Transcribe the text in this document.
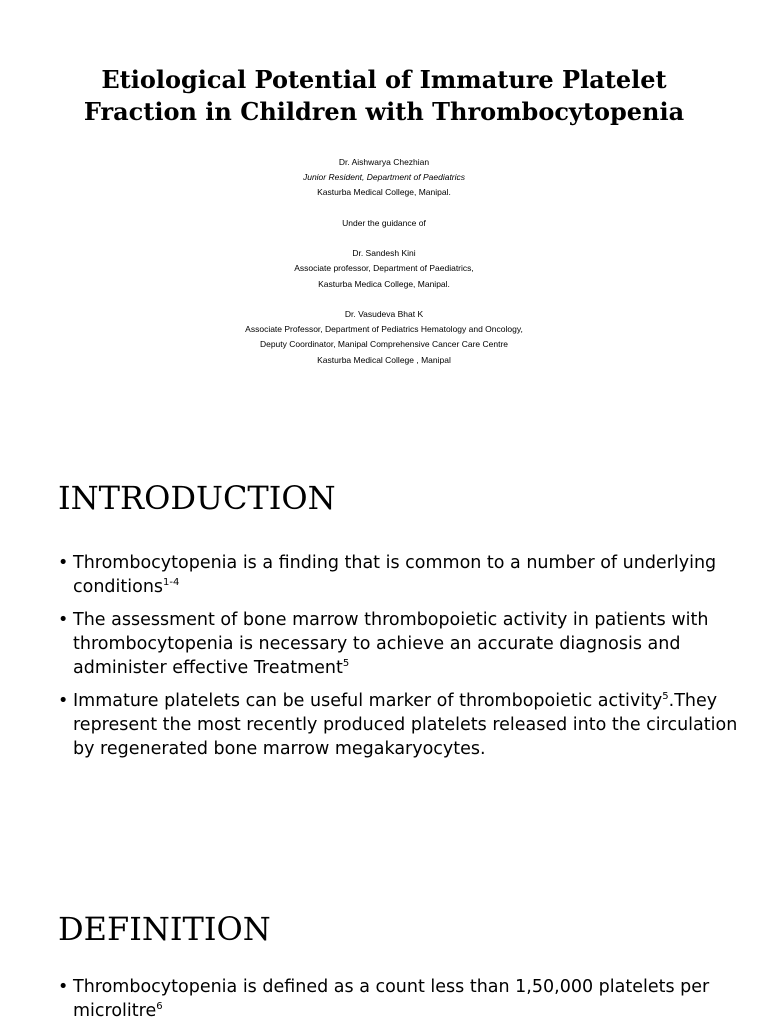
Etiological Potential of Immature Platelet
Fraction in Children with Thrombocytopenia
Dr. Aishwarya Chezhian
Junior Resident, Department of Paediatrics
Kasturba Medical College, Manipal.
Under the guidance of
Dr. Sandesh Kini
Associate professor, Department of Paediatrics,
Kasturba Medica College, Manipal.
Dr. Vasudeva Bhat K
Associate Professor, Department of Pediatrics Hematology and Oncology,
Deputy Coordinator, Manipal Comprehensive Cancer Care Centre
Kasturba Medical College , Manipal
INTRODUCTION
• Thrombocytopenia is a finding that is common to a number of underlying conditions$^{1-4}$
• The assessment of bone marrow thrombopoietic activity in patients with thrombocytopenia is necessary to achieve an accurate diagnosis and administer effective Treatment$^5$
• Immature platelets can be useful marker of thrombopoietic activity$^5$.They represent the most recently produced platelets released into the circulation by regenerated bone marrow megakaryocytes.
DEFINITION
• Thrombocytopenia is defined as a count less than 1,50,000 platelets per microlitre$^6$
